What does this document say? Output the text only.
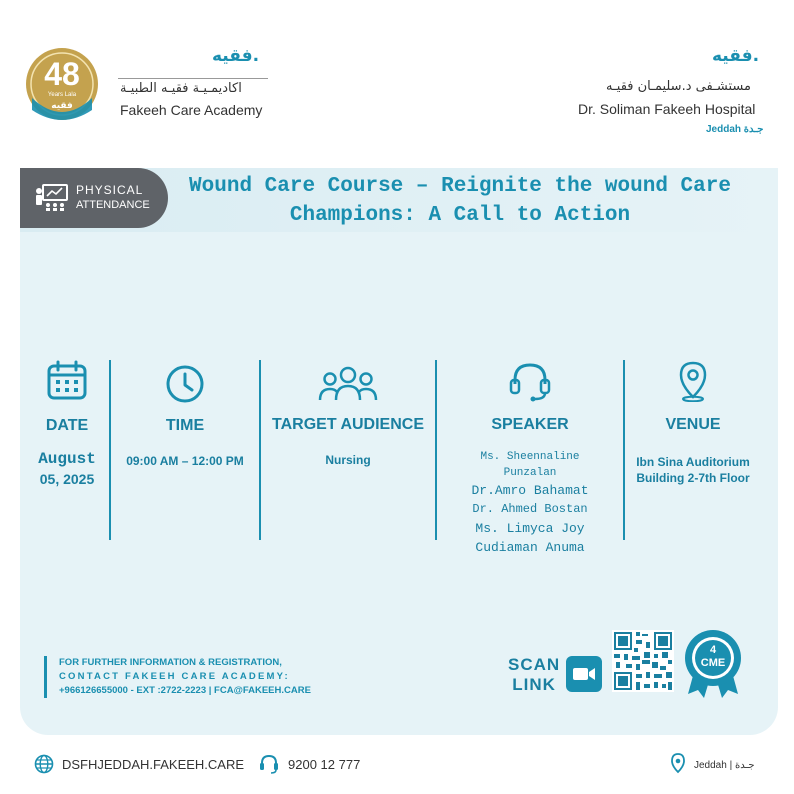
48
Years Lala
فقيه
فقيه.
اكاديمـيـة فقيـه الطبيـة
Fakeeh Care Academy
فقيه.
مستشـفى د.سليمـان فقيـه
Dr. Soliman Fakeeh Hospital
Jeddah جـدة
PHYSICAL
ATTENDANCE
Wound Care Course – Reignite the wound Care Champions: A Call to Action
DATE
August
05, 2025
TIME
09:00 AM – 12:00 PM
TARGET AUDIENCE
Nursing
SPEAKER
Ms. Sheennaline
Punzalan
Dr.Amro Bahamat
Dr. Ahmed Bostan
Ms. Limyca Joy
Cudiaman Anuma
VENUE
Ibn Sina Auditorium
Building 2-7th Floor
FOR FURTHER INFORMATION & REGISTRATION,
CONTACT FAKEEH CARE ACADEMY:
+966126655000 - EXT :2722-2223 | FCA@FAKEEH.CARE
SCAN
LINK
4
CME
DSFHJEDDAH.FAKEEH.CARE	9200 12 777	Jeddah | جـدة
